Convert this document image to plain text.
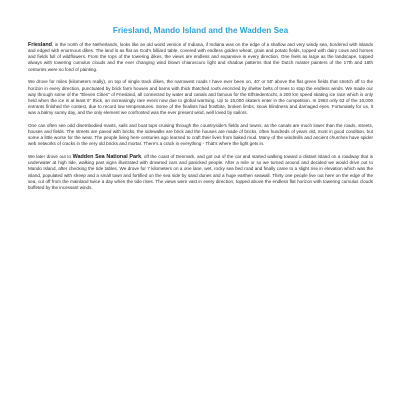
Friesland, Mando Island and the Wadden Sea

Friesland, in the north of the Netherlands, looks like an old world version of Indiana, if Indiana was on the edge of a shallow and very windy sea, bordered with islands and edged with enormous dikes. The land is as flat as God's billiard table, covered with endless golden wheat, grain and potato fields, topped with dairy cows and horses and fields full of wildflowers. From the tops of the towering dikes, the views are endless and expansive in every direction. One feels as large as the landscape, topped always with towering cumulus clouds and the ever changing wind blown chiaroscuro light and shadow patterns that the Dutch master painters of the 17th and 18th centuries were so fond of painting.

We drove for miles (kilometers really), on top of single track dikes, the narrowest roads I have ever been on, 40' or 50' above the flat green fields that stretch off to the horizon in every direction, punctuated by brick farm houses and barns with thick thatched roofs encircled by shelter belts of trees to stop the endless winds. We made our way through some of the "Eleven Cities" of Friesland, all connected by water and canals and famous for the Elfstedentocht, a 200 km speed skating ice race which is only held when the ice is at least 6" thick, an increasingly rare event now due to global warming. Up to 15,000 skaters enter in the competition. In 1963 only 63 of the 10,000 entrants finished the contest, due to record low temperatures. Some of the finalists had frostbite, broken limbs, snow blindness and damaged eyes. Fortunately for us, it was a balmy sunny day, and the only element we confronted was the ever present wind, well loved by sailors.

One can often see odd disembodied masts, sails and boat tops cruising through the countryside's fields and towns, as the canals are much lower than the roads, streets, houses and fields. The streets are paved with bricks, the sidewalks are brick and the houses are made of bricks, often hundreds of years old, most in good condition, but some a little worse for the wear. The people living here centuries ago learned to craft their lives from baked mud. Many of the windmills and ancient churches have spider web networks of cracks in the very old bricks and mortar. There's a crack in everything - That's where the light gets in.

We later drove out to Wadden Sea National Park, off the coast of Denmark, and got out of the car and started walking toward a distant island on a roadway that is underwater at high tide, walking past signs illustrated with drowned cars and panicked people. After a mile or so we turned around and decided we would drive out to Mando Island, after checking the tide tables. We drove for 7 kilometers on a one lane, wet, rocky sea bed road and finally came to a slight rise in elevation which was the island, populated with sheep and a small town and fortified on the sea side by sand dunes and a huge earthen seawall. Thirty one people live out here on the edge of the sea, cut off from the mainland twice a day when the tide rises. The views were vast in every direction, topped above the endless flat horizon with towering cumulus clouds buffeted by the incessant winds.
